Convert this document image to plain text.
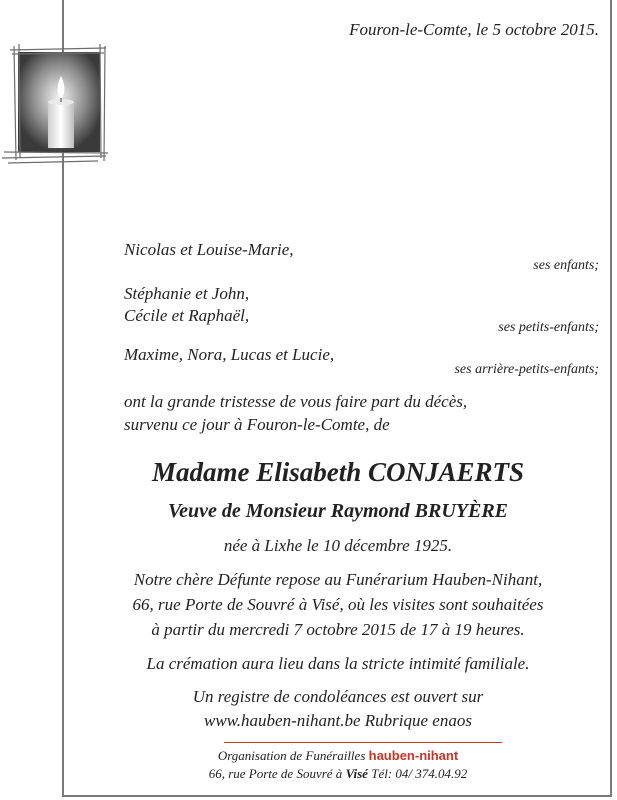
Fouron-le-Comte, le 5 octobre 2015.
Nicolas et Louise-Marie,
ses enfants;
Stéphanie et John,
Cécile et Raphaël,
ses petits-enfants;
Maxime, Nora, Lucas et Lucie,
ses arrière-petits-enfants;
ont la grande tristesse de vous faire part du décès,
survenu ce jour à Fouron-le-Comte, de
Madame Elisabeth CONJAERTS
Veuve de Monsieur Raymond BRUYÈRE
née à Lixhe le 10 décembre 1925.
Notre chère Défunte repose au Funérarium Hauben-Nihant,
66, rue Porte de Souvré à Visé, où les visites sont souhaitées
à partir du mercredi 7 octobre 2015 de 17 à 19 heures.
La crémation aura lieu dans la stricte intimité familiale.
Un registre de condoléances est ouvert sur
www.hauben-nihant.be Rubrique enaos
Organisation de Funérailles hauben-nihant
66, rue Porte de Souvré à Visé Tél: 04/ 374.04.92
